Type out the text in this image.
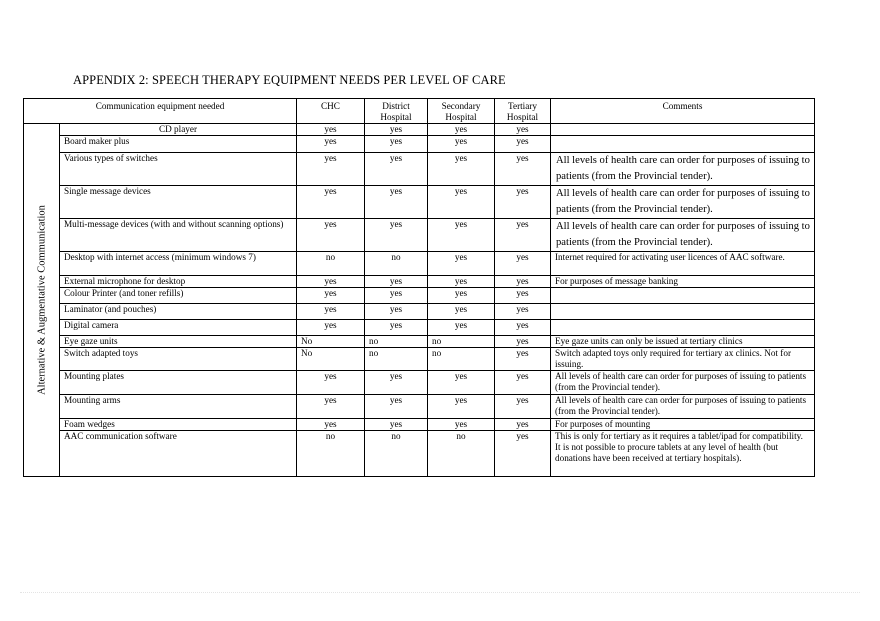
APPENDIX 2: SPEECH THERAPY EQUIPMENT NEEDS PER LEVEL OF CARE
Communication equipment needed		CHC	District Hospital	Secondary Hospital	Tertiary Hospital	Comments

Alternative & Augmentative Communication	CD player	yes	yes	yes	yes	
	Board maker plus	yes	yes	yes	yes	
	Various types of switches	yes	yes	yes	yes	All levels of health care can order for purposes of issuing to patients (from the Provincial tender).
	Single message devices	yes	yes	yes	yes	All levels of health care can order for purposes of issuing to patients (from the Provincial tender).
	Multi-message devices (with and without scanning options)	yes	yes	yes	yes	All levels of health care can order for purposes of issuing to patients (from the Provincial tender).
	Desktop with internet access (minimum windows 7)	no	no	yes	yes	Internet required for activating user licences of AAC software.
	External microphone for desktop	yes	yes	yes	yes	For purposes of message banking
	Colour Printer (and toner refills)	yes	yes	yes	yes	
	Laminator (and pouches)	yes	yes	yes	yes	
	Digital camera	yes	yes	yes	yes	
	Eye gaze units	No	no	no	yes	Eye gaze units can only be issued at tertiary clinics
	Switch adapted toys	No	no	no	yes	Switch adapted toys only required for tertiary ax clinics. Not for issuing.
	Mounting plates	yes	yes	yes	yes	All levels of health care can order for purposes of issuing to patients (from the Provincial tender).
	Mounting arms	yes	yes	yes	yes	All levels of health care can order for purposes of issuing to patients (from the Provincial tender).
	Foam wedges	yes	yes	yes	yes	For purposes of mounting
	AAC communication software	no	no	no	yes	This is only for tertiary as it requires a tablet/ipad for compatibility. It is not possible to procure tablets at any level of health (but donations have been received at tertiary hospitals).
